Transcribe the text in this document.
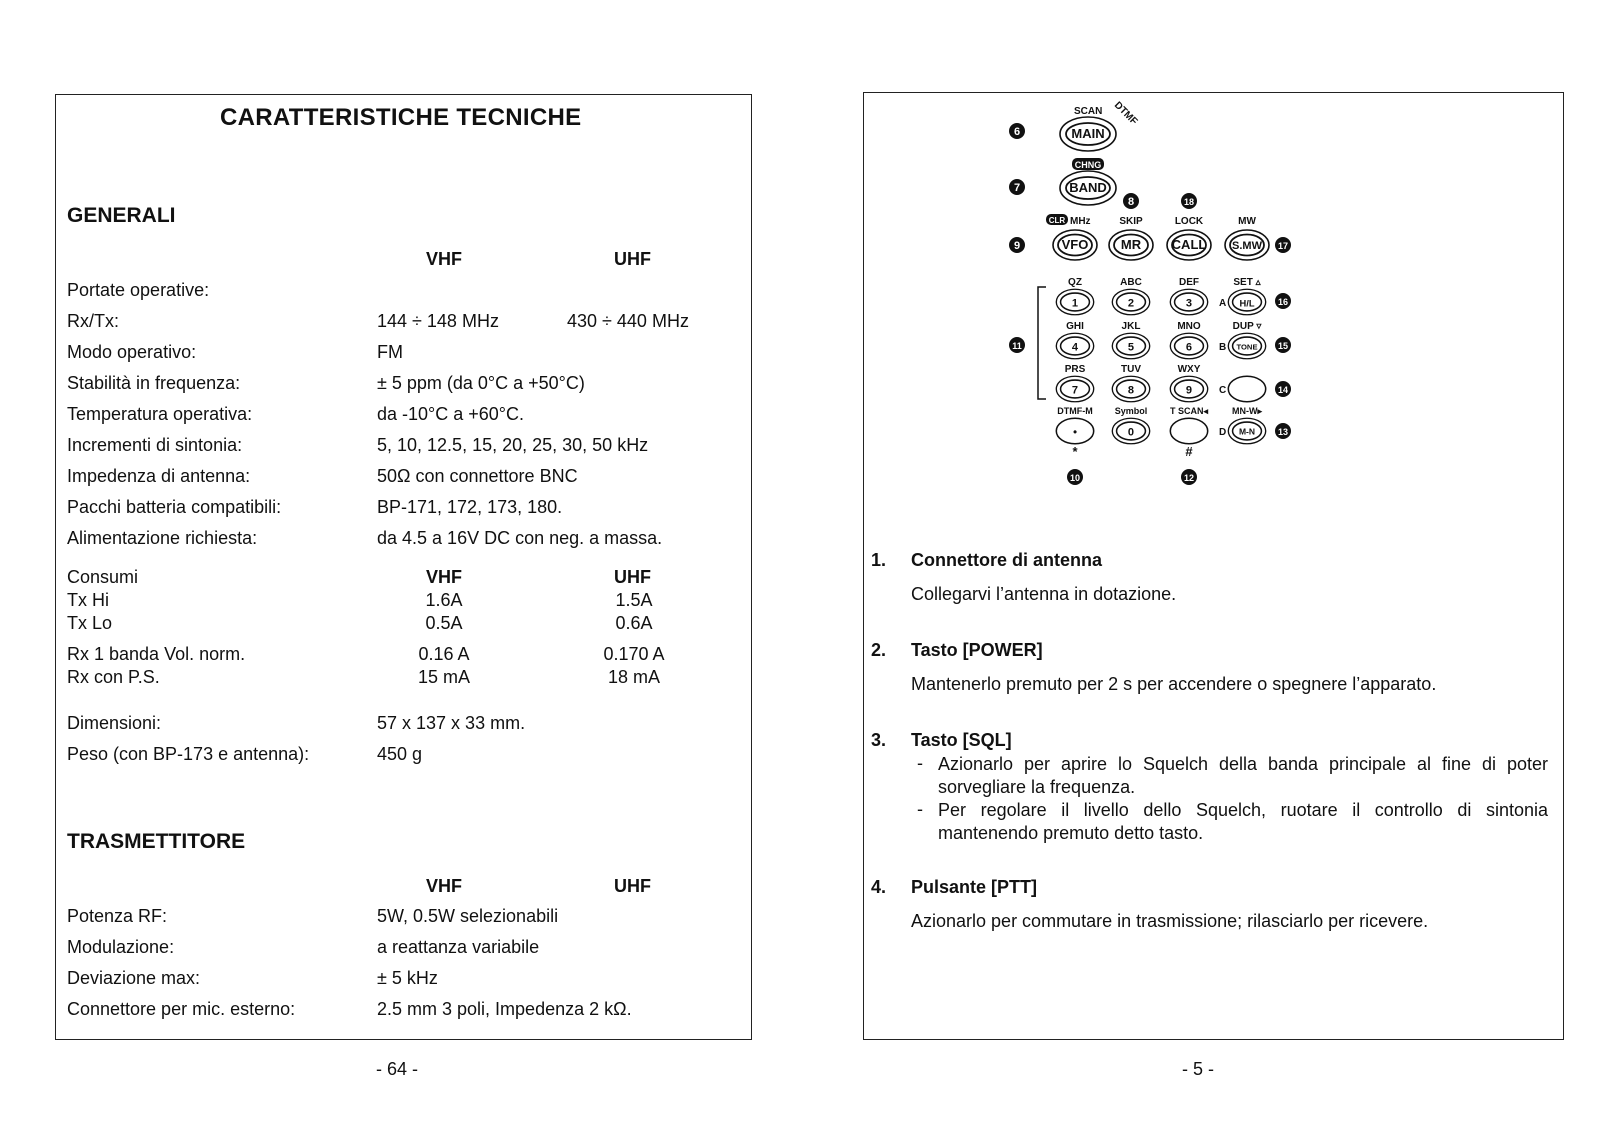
CARATTERISTICHE TECNICHE
GENERALI
VHF	UHF
Portate operative:
Rx/Tx:	144 ÷ 148 MHz	430 ÷ 440 MHz
Modo operativo:	FM
Stabilità in frequenza:	± 5 ppm (da 0°C a +50°C)
Temperatura operativa:	da -10°C a +60°C.
Incrementi di sintonia:	5, 10, 12.5, 15, 20, 25, 30, 50 kHz
Impedenza di antenna:	50Ω con connettore BNC
Pacchi batteria compatibili:	BP-171, 172, 173, 180.
Alimentazione richiesta:	da 4.5 a 16V DC con neg. a massa.
Consumi	VHF	UHF
Tx Hi	1.6A	1.5A
Tx Lo	0.5A	0.6A
Rx 1 banda Vol. norm.	0.16 A	0.170 A
Rx con P.S.	15 mA	18 mA
Dimensioni:	57 x 137 x 33 mm.
Peso (con BP-173 e antenna):	450 g
TRASMETTITORE
VHF	UHF
Potenza RF:	5W, 0.5W selezionabili
Modulazione:	a reattanza variabile
Deviazione max:	± 5 kHz
Connettore per mic. esterno:	2.5 mm 3 poli, Impedenza 2 kΩ.
- 64 -
SCAN DTMF
MAIN
CHNG
BAND
CLR MHz	SKIP	LOCK	MW
VFO	MR CALL S.MW
QZ	ABC	DEF	SET ▵
1	2	3	A H/L
GHI	JKL	MNO	DUP ▿
4	5	6	B TONE
PRS	TUV	WXY
7	8	9	C
DTMF-M Symbol	T SCAN◂	MN-W▸
•	0	D M-N
*	#
6
7
8	18
9	17
16
11	15
14
13
10	12
1. Connettore di antenna
Collegarvi l’antenna in dotazione.
2. Tasto [POWER]
Mantenerlo premuto per 2 s per accendere o spegnere l’apparato.
3. Tasto [SQL]
- Azionarlo per aprire lo Squelch della banda principale al fine di poter sorvegliare la frequenza.
- Per regolare il livello dello Squelch, ruotare il controllo di sintonia mantenendo premuto detto tasto.
4. Pulsante [PTT]
Azionarlo per commutare in trasmissione; rilasciarlo per ricevere.
- 5 -
